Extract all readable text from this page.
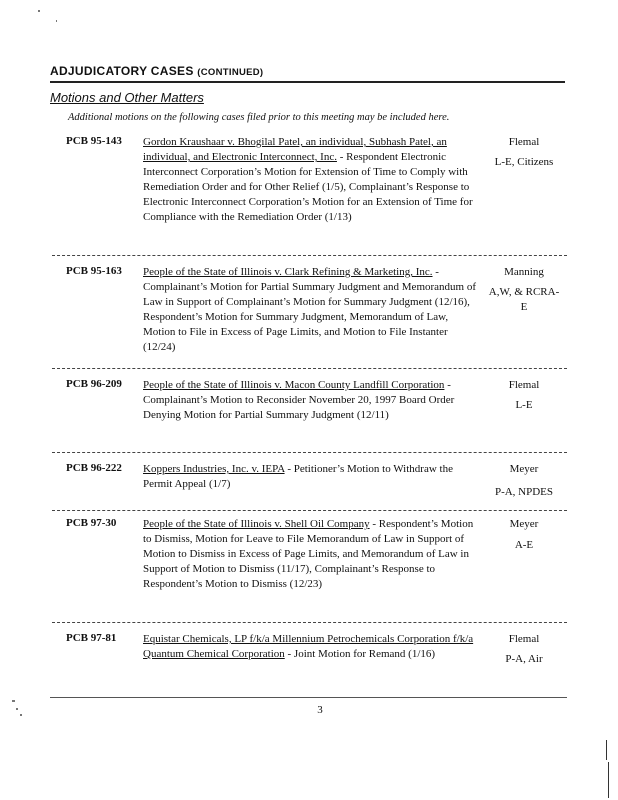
ADJUDICATORY CASES (CONTINUED)
Motions and Other Matters
Additional motions on the following cases filed prior to this meeting may be included here.
PCB 95-143 Gordon Kraushaar v. Bhogilal Patel, an individual, Subhash Patel, an individual, and Electronic Interconnect, Inc. - Respondent Electronic Interconnect Corporation’s Motion for Extension of Time to Comply with Remediation Order and for Other Relief (1/5), Complainant’s Response to Electronic Interconnect Corporation’s Motion for an Extension of Time for Compliance with the Remediation Order (1/13)
Flemal
L-E, Citizens
PCB 95-163 People of the State of Illinois v. Clark Refining & Marketing, Inc. - Complainant’s Motion for Partial Summary Judgment and Memorandum of Law in Support of Complainant’s Motion for Summary Judgment (12/16), Respondent’s Motion for Summary Judgment, Memorandum of Law, Motion to File in Excess of Page Limits, and Motion to File Instanter (12/24)
Manning
A,W, & RCRA-E
PCB 96-209 People of the State of Illinois v. Macon County Landfill Corporation - Complainant’s Motion to Reconsider November 20, 1997 Board Order Denying Motion for Partial Summary Judgment (12/11)
Flemal
L-E
PCB 96-222 Koppers Industries, Inc. v. IEPA - Petitioner’s Motion to Withdraw the Permit Appeal (1/7)
Meyer
P-A, NPDES
PCB 97-30 People of the State of Illinois v. Shell Oil Company - Respondent’s Motion to Dismiss, Motion for Leave to File Memorandum of Law in Support of Motion to Dismiss in Excess of Page Limits, and Memorandum of Law in Support of Motion to Dismiss (11/17), Complainant’s Response to Respondent’s Motion to Dismiss (12/23)
Meyer
A-E
PCB 97-81 Equistar Chemicals, LP f/k/a Millennium Petrochemicals Corporation f/k/a Quantum Chemical Corporation - Joint Motion for Remand (1/16)
Flemal
P-A, Air
3
